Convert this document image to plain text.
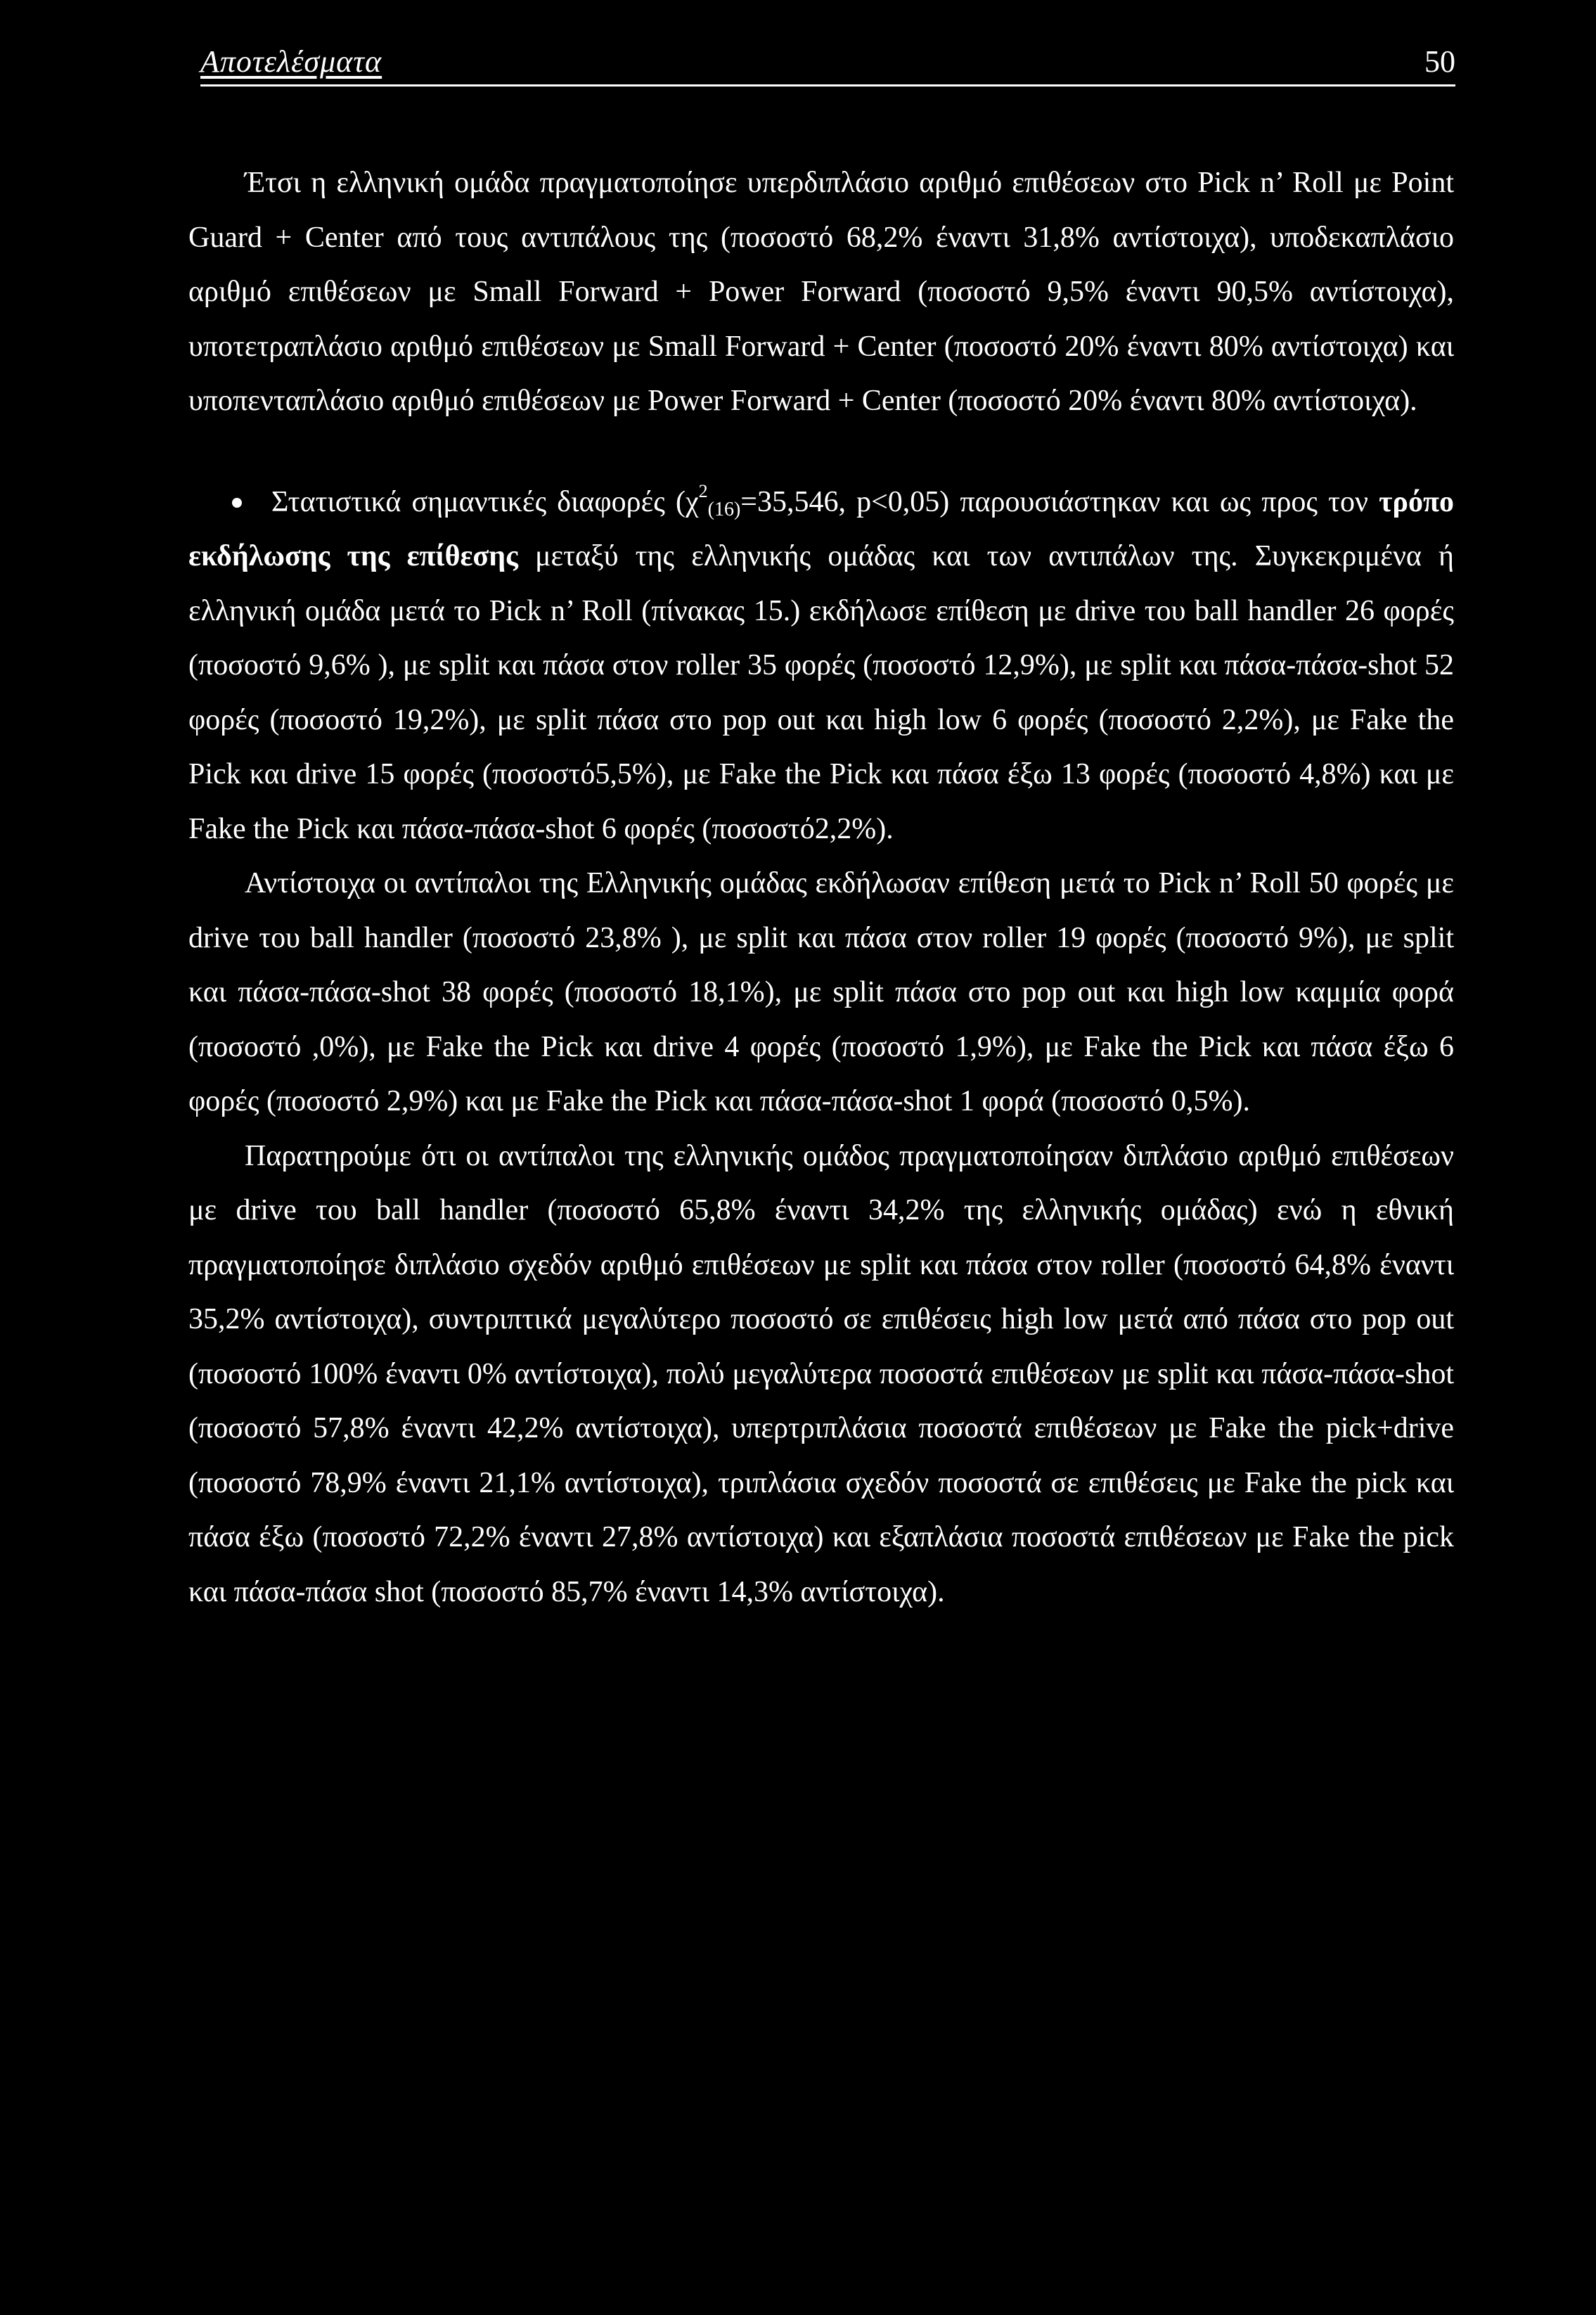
Αποτελέσματα	50

Έτσι η ελληνική ομάδα πραγματοποίησε υπερδιπλάσιο αριθμό επιθέσεων στο Pick n’ Roll με Point Guard + Center από τους αντιπάλους της (ποσοστό 68,2% έναντι 31,8% αντίστοιχα), υποδεκαπλάσιο αριθμό επιθέσεων με Small Forward + Power Forward (ποσοστό 9,5% έναντι 90,5% αντίστοιχα), υποτετραπλάσιο αριθμό επιθέσεων με Small Forward + Center (ποσοστό 20% έναντι 80% αντίστοιχα) και υποπενταπλάσιο αριθμό επιθέσεων με Power Forward + Center (ποσοστό 20% έναντι 80% αντίστοιχα).

Στατιστικά σημαντικές διαφορές ($\chi^2_{(16)}=35,546$, p<0,05) παρουσιάστηκαν και ως προς τον τρόπο εκδήλωσης της επίθεσης μεταξύ της ελληνικής ομάδας και των αντιπάλων της. Συγκεκριμένα ή ελληνική ομάδα μετά το Pick n’ Roll (πίνακας 15.) εκδήλωσε επίθεση με drive του ball handler 26 φορές (ποσοστό 9,6% ), με split και πάσα στον roller 35 φορές (ποσοστό 12,9%), με split και πάσα-πάσα-shot 52 φορές (ποσοστό 19,2%), με split πάσα στο pop out και high low 6 φορές (ποσοστό 2,2%), με Fake the Pick και drive 15 φορές (ποσοστό5,5%), με Fake the Pick και πάσα έξω 13 φορές (ποσοστό 4,8%) και με Fake the Pick και πάσα-πάσα-shot 6 φορές (ποσοστό2,2%).

Αντίστοιχα οι αντίπαλοι της Ελληνικής ομάδας εκδήλωσαν επίθεση μετά το Pick n’ Roll 50 φορές με drive του ball handler (ποσοστό 23,8% ), με split και πάσα στον roller 19 φορές (ποσοστό 9%), με split και πάσα-πάσα-shot 38 φορές (ποσοστό 18,1%), με split πάσα στο pop out και high low καμμία φορά (ποσοστό ,0%), με Fake the Pick και drive 4 φορές (ποσοστό 1,9%), με Fake the Pick και πάσα έξω 6 φορές (ποσοστό 2,9%) και με Fake the Pick και πάσα-πάσα-shot 1 φορά (ποσοστό 0,5%).

Παρατηρούμε ότι οι αντίπαλοι της ελληνικής ομάδος πραγματοποίησαν διπλάσιο αριθμό επιθέσεων με drive του ball handler (ποσοστό 65,8% έναντι 34,2% της ελληνικής ομάδας) ενώ η εθνική πραγματοποίησε διπλάσιο σχεδόν αριθμό επιθέσεων με split και πάσα στον roller (ποσοστό 64,8% έναντι 35,2% αντίστοιχα), συντριπτικά μεγαλύτερο ποσοστό σε επιθέσεις high low μετά από πάσα στο pop out (ποσοστό 100% έναντι 0% αντίστοιχα), πολύ μεγαλύτερα ποσοστά επιθέσεων με split και πάσα-πάσα-shot (ποσοστό 57,8% έναντι 42,2% αντίστοιχα), υπερτριπλάσια ποσοστά επιθέσεων με Fake the pick+drive (ποσοστό 78,9% έναντι 21,1% αντίστοιχα), τριπλάσια σχεδόν ποσοστά σε επιθέσεις με Fake the pick και πάσα έξω (ποσοστό 72,2% έναντι 27,8% αντίστοιχα) και εξαπλάσια ποσοστά επιθέσεων με Fake the pick και πάσα-πάσα shot (ποσοστό 85,7% έναντι 14,3% αντίστοιχα).
